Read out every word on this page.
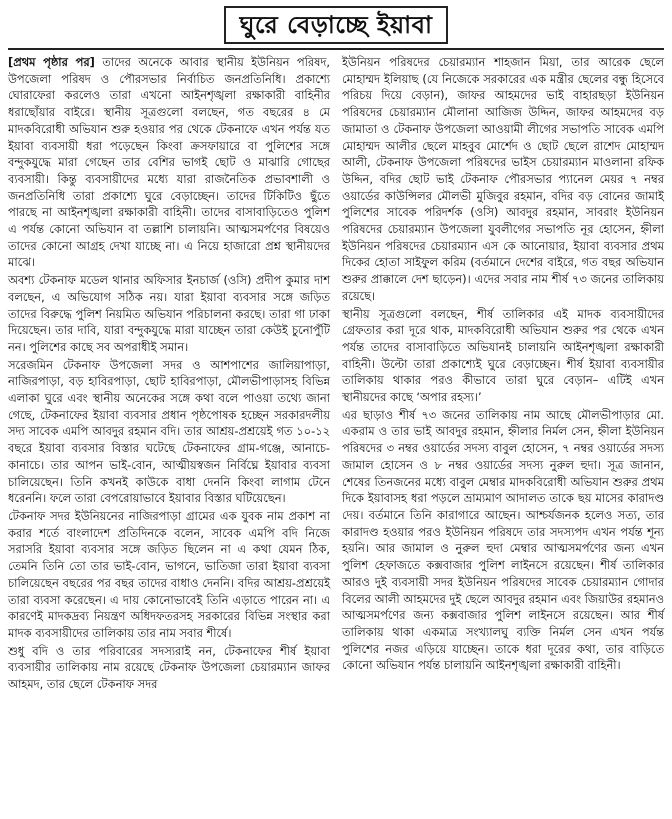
ঘুরে বেড়াচ্ছে ইয়াবা

[প্রথম পৃষ্ঠার পর] তাদের অনেকে আবার স্থানীয় ইউনিয়ন পরিষদ, উপজেলা পরিষদ ও পৌরসভার নির্বাচিত জনপ্রতিনিধি। প্রকাশ্যে ঘোরাফেরা করলেও তারা এখনো আইনশৃঙ্খলা রক্ষাকারী বাহিনীর ধরাছোঁয়ার বাইরে। স্থানীয় সূত্রগুলো বলছেন, গত বছরের ৪ মে মাদকবিরোধী অভিযান শুরু হওয়ার পর থেকে টেকনাফে এখন পর্যন্ত যত ইয়াবা ব্যবসায়ী ধরা পড়েছেন কিংবা ক্রসফায়ারে বা পুলিশের সঙ্গে বন্দুকযুদ্ধে মারা গেছেন তার বেশির ভাগই ছোট ও মাঝারি গোছের ব্যবসায়ী। কিন্তু ব্যবসায়ীদের মধ্যে যারা রাজনৈতিক প্রভাবশালী ও জনপ্রতিনিধি তারা প্রকাশ্যে ঘুরে বেড়াচ্ছেন। তাদের টিকিটিও ছুঁতে পারছে না আইনশৃঙ্খলা রক্ষাকারী বাহিনী। তাদের বাসাবাড়িতেও পুলিশ এ পর্যন্ত কোনো অভিযান বা তল্লাশি চালায়নি। আত্মসমর্পণের বিষয়েও তাদের কোনো আগ্রহ দেখা যাচ্ছে না। এ নিয়ে হাজারো প্রশ্ন স্থানীয়দের মাঝে।

অবশ্য টেকনাফ মডেল থানার অফিসার ইনচার্জ (ওসি) প্রদীপ কুমার দাশ বলছেন, এ অভিযোগ সঠিক নয়। যারা ইয়াবা ব্যবসার সঙ্গে জড়িত তাদের বিরুদ্ধে পুলিশ নিয়মিত অভিযান পরিচালনা করছে। তারা গা ঢাকা দিয়েছেন। তার দাবি, যারা বন্দুকযুদ্ধে মারা যাচ্ছেন তারা কেউই চুনোপুঁটি নন। পুলিশের কাছে সব অপরাধীই সমান।

সরেজমিন টেকনাফ উপজেলা সদর ও আশপাশের জালিয়াপাড়া, নাজিরপাড়া, বড় হাবিরপাড়া, ছোট হাবিরপাড়া, মৌলভীপাড়াসহ বিভিন্ন এলাকা ঘুরে এবং স্থানীয় অনেকের সঙ্গে কথা বলে পাওয়া তথ্যে জানা গেছে, টেকনাফের ইয়াবা ব্যবসার প্রধান পৃষ্ঠপোষক হচ্ছেন সরকারদলীয় সদ্য সাবেক এমপি আবদুর রহমান বদি। তার আশ্রয়-প্রশ্রয়েই গত ১০-১২ বছরে ইয়াবা ব্যবসার বিস্তার ঘটেছে টেকনাফের গ্রাম-গঞ্জে, আনাচে-কানাচে। তার আপন ভাই-বোন, আত্মীয়স্বজন নির্বিঘ্নে ইয়াবার ব্যবসা চালিয়েছেন। তিনি কখনই কাউকে বাধা দেননি কিংবা লাগাম টেনে ধরেননি। ফলে তারা বেপরোয়াভাবে ইয়াবার বিস্তার ঘটিয়েছেন।

টেকনাফ সদর ইউনিয়নের নাজিরপাড়া গ্রামের এক যুবক নাম প্রকাশ না করার শর্তে বাংলাদেশ প্রতিদিনকে বলেন, সাবেক এমপি বদি নিজে সরাসরি ইয়াবা ব্যবসার সঙ্গে জড়িত ছিলেন না এ কথা যেমন ঠিক, তেমনি তিনি তো তার ভাই-বোন, ভাগনে, ভাতিজা তারা ইয়াবা ব্যবসা চালিয়েছেন বছরের পর বছর তাদের বাধাও দেননি। বদির আশ্রয়-প্রশ্রয়েই তারা ব্যবসা করেছেন। এ দায় কোনোভাবেই তিনি এড়াতে পারেন না। এ কারণেই মাদকদ্রব্য নিয়ন্ত্রণ অধিদফতরসহ সরকারের বিভিন্ন সংস্থার করা মাদক ব্যবসায়ীদের তালিকায় তার নাম সবার শীর্ষে।

শুধু বদি ও তার পরিবারের সদস্যরাই নন, টেকনাফের শীর্ষ ইয়াবা ব্যবসায়ীর তালিকায় নাম রয়েছে টেকনাফ উপজেলা চেয়ারম্যান জাফর আহমদ, তার ছেলে টেকনাফ সদর

ইউনিয়ন পরিষদের চেয়ারম্যান শাহজান মিয়া, তার আরেক ছেলে মোহাম্মদ ইলিয়াছ (যে নিজেকে সরকারের এক মন্ত্রীর ছেলের বন্ধু হিসেবে পরিচয় দিয়ে বেড়ান), জাফর আহমদের ভাই বাহারছড়া ইউনিয়ন পরিষদের চেয়ারম্যান মৌলানা আজিজ উদ্দিন, জাফর আহমদের বড় জামাতা ও টেকনাফ উপজেলা আওয়ামী লীগের সভাপতি সাবেক এমপি মোহাম্মদ আলীর ছেলে মাহবুব মোর্শেদ ও ছোট ছেলে রাশেদ মোহাম্মদ আলী, টেকনাফ উপজেলা পরিষদের ভাইস চেয়ারম্যান মাওলানা রফিক উদ্দিন, বদির ছোট ভাই টেকনাফ পৌরসভার প্যানেল মেয়র ৭ নম্বর ওয়ার্ডের কাউন্সিলর মৌলভী মুজিবুর রহমান, বদির বড় বোনের জামাই পুলিশের সাবেক পরিদর্শক (ওসি) আবদুর রহমান, সাবরাং ইউনিয়ন পরিষদের চেয়ারম্যান উপজেলা যুবলীগের সভাপতি নূর হোসেন, হ্নীলা ইউনিয়ন পরিষদের চেয়ারম্যান এস কে আনোয়ার, ইয়াবা ব্যবসার প্রথম দিকের হোতা সাইফুল করিম (বর্তমানে দেশের বাইরে, গত বছর অভিযান শুরুর প্রাক্কালে দেশ ছাড়েন)। এদের সবার নাম শীর্ষ ৭৩ জনের তালিকায় রয়েছে।

স্থানীয় সূত্রগুলো বলছেন, শীর্ষ তালিকার এই মাদক ব্যবসায়ীদের গ্রেফতার করা দূরে থাক, মাদকবিরোধী অভিযান শুরুর পর থেকে এখন পর্যন্ত তাদের বাসাবাড়িতে অভিযানই চালায়নি আইনশৃঙ্খলা রক্ষাকারী বাহিনী। উল্টো তারা প্রকাশ্যেই ঘুরে বেড়াচ্ছেন। শীর্ষ ইয়াবা ব্যবসায়ীর তালিকায় থাকার পরও কীভাবে তারা ঘুরে বেড়ান– এটিই এখন স্থানীয়দের কাছে ‘অপার রহস্য।’

এর ছাড়াও শীর্ষ ৭৩ জনের তালিকায় নাম আছে মৌলভীপাড়ার মো. একরাম ও তার ভাই আবদুর রহমান, হ্নীলার নির্মল সেন, হ্নীলা ইউনিয়ন পরিষদের ৩ নম্বর ওয়ার্ডের সদস্য বাবুল হোসেন, ৭ নম্বর ওয়ার্ডের সদস্য জামাল হোসেন ও ৮ নম্বর ওয়ার্ডের সদস্য নুরুল হুদা। সূত্র জানান, শেষের তিনজনের মধ্যে বাবুল মেম্বার মাদকবিরোধী অভিযান শুরুর প্রথম দিকে ইয়াবাসহ ধরা পড়লে ভ্রাম্যমাণ আদালত তাকে ছয় মাসের কারাদণ্ড দেয়। বর্তমানে তিনি কারাগারে আছেন। আশ্চর্যজনক হলেও সত্য, তার কারাদণ্ড হওয়ার পরও ইউনিয়ন পরিষদে তার সদস্যপদ এখন পর্যন্ত শূন্য হয়নি। আর জামাল ও নুরুল হুদা মেম্বার আত্মসমর্পণের জন্য এখন পুলিশ হেফাজতে কক্সবাজার পুলিশ লাইনসে রয়েছেন। শীর্ষ তালিকার আরও দুই ব্যবসায়ী সদর ইউনিয়ন পরিষদের সাবেক চেয়ারম্যান গোদার বিলের আলী আহমদের দুই ছেলে আবদুর রহমান এবং জিয়াউর রহমানও আত্মসমর্পণের জন্য কক্সবাজার পুলিশ লাইনসে রয়েছেন। আর শীর্ষ তালিকায় থাকা একমাত্র সংখ্যালঘু ব্যক্তি নির্মল সেন এখন পর্যন্ত পুলিশের নজর এড়িয়ে যাচ্ছেন। তাকে ধরা দূরের কথা, তার বাড়িতে কোনো অভিযান পর্যন্ত চালায়নি আইনশৃঙ্খলা রক্ষাকারী বাহিনী।
